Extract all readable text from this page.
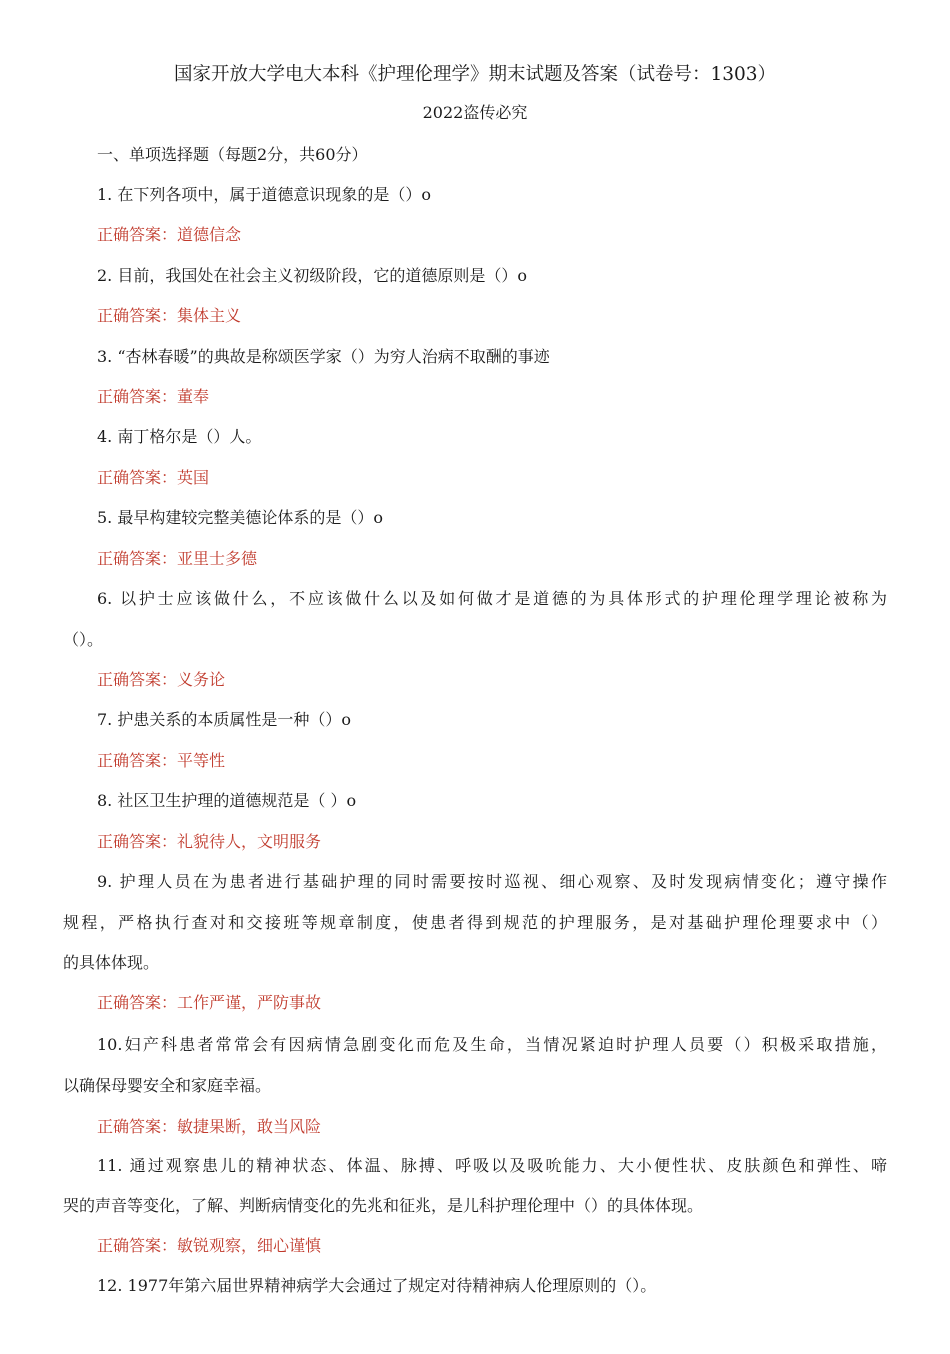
国家开放大学电大本科《护理伦理学》期末试题及答案（试卷号：1303）
2022盗传必究
一、单项选择题（每题2分，共60分）
1. 在下列各项中，属于道德意识现象的是（）o
正确答案：道德信念
2. 目前，我国处在社会主义初级阶段，它的道德原则是（）o
正确答案：集体主义
3. “杏林春暖”的典故是称颂医学家（）为穷人治病不取酬的事迹
正确答案：董奉
4. 南丁格尔是（）人。
正确答案：英国
5. 最早构建较完整美德论体系的是（）o
正确答案：亚里士多德
6. 以护士应该做什么，不应该做什么以及如何做才是道德的为具体形式的护理伦理学理论被称为
（）。
正确答案：义务论
7. 护患关系的本质属性是一种（）o
正确答案：平等性
8. 社区卫生护理的道德规范是（ ）o
正确答案：礼貌待人，文明服务
9. 护理人员在为患者进行基础护理的同时需要按时巡视、细心观察、及时发现病情变化；遵守操作
规程，严格执行查对和交接班等规章制度，使患者得到规范的护理服务，是对基础护理伦理要求中（）
的具体体现。
正确答案：工作严谨，严防事故
10.妇产科患者常常会有因病情急剧变化而危及生命，当情况紧迫时护理人员要（）积极采取措施，
以确保母婴安全和家庭幸福。
正确答案：敏捷果断，敢当风险
11. 通过观察患儿的精神状态、体温、脉搏、呼吸以及吸吮能力、大小便性状、皮肤颜色和弹性、啼
哭的声音等变化，了解、判断病情变化的先兆和征兆，是儿科护理伦理中（）的具体体现。
正确答案：敏锐观察，细心谨慎
12. 1977年第六届世界精神病学大会通过了规定对待精神病人伦理原则的（）。
